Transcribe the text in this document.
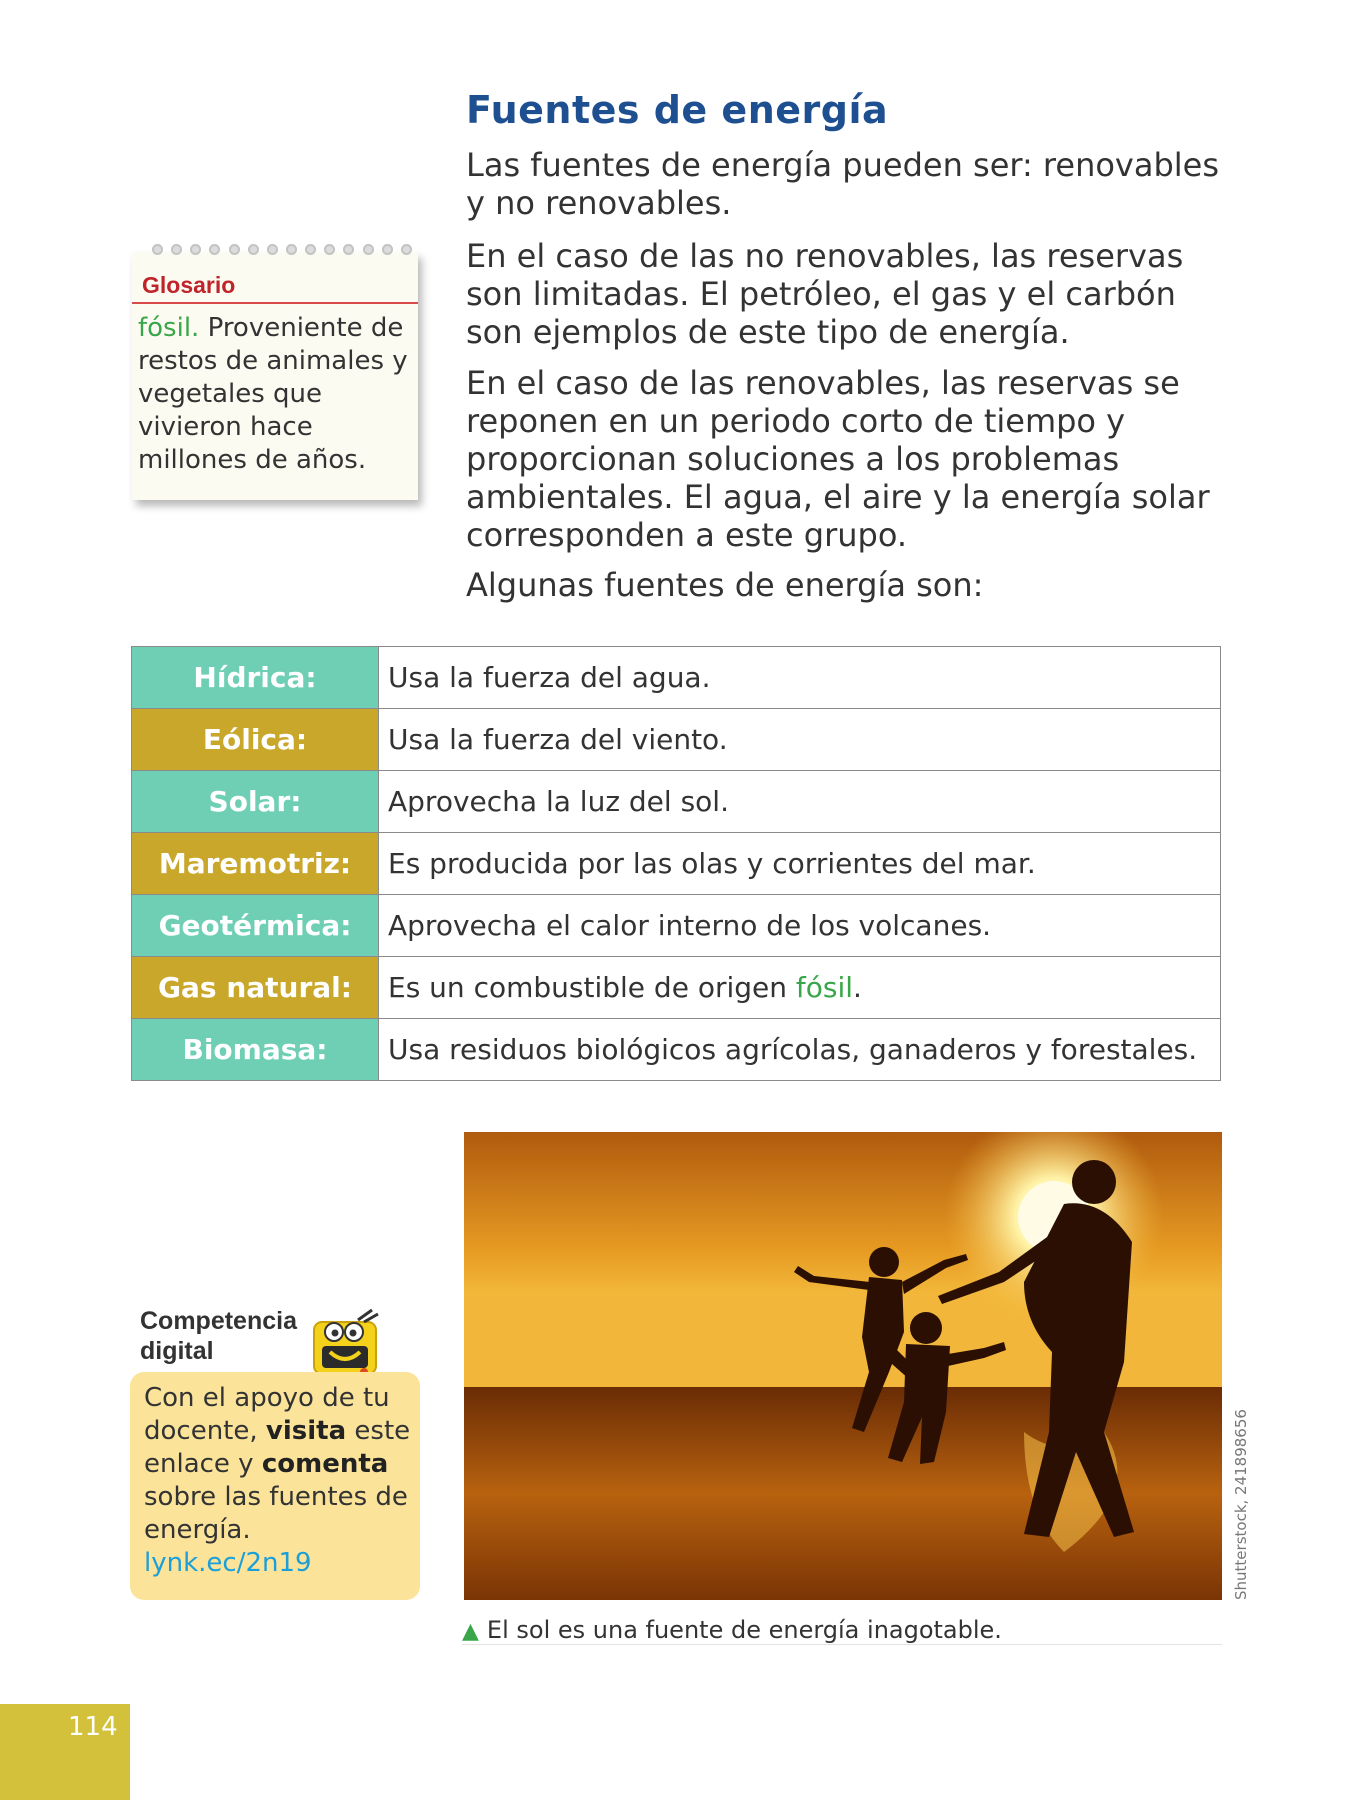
Fuentes de energía
Las fuentes de energía pueden ser: renovables y no renovables.
En el caso de las no renovables, las reservas son limitadas. El petróleo, el gas y el carbón son ejemplos de este tipo de energía.
En el caso de las renovables, las reservas se reponen en un periodo corto de tiempo y proporcionan soluciones a los problemas ambientales. El agua, el aire y la energía solar corresponden a este grupo.
Algunas fuentes de energía son:
Glosario
fósil. Proveniente de restos de animales y vegetales que vivieron hace millones de años.
Hídrica:	Usa la fuerza del agua.
Eólica:	Usa la fuerza del viento.
Solar:	Aprovecha la luz del sol.
Maremotriz:	Es producida por las olas y corrientes del mar.
Geotérmica:	Aprovecha el calor interno de los volcanes.
Gas natural:	Es un combustible de origen fósil.
Biomasa:	Usa residuos biológicos agrícolas, ganaderos y forestales.
Shutterstock, 241898656
▲ El sol es una fuente de energía inagotable.
Competencia
digital
Con el apoyo de tu docente, visita este enlace y comenta sobre las fuentes de energía.
lynk.ec/2n19
114
